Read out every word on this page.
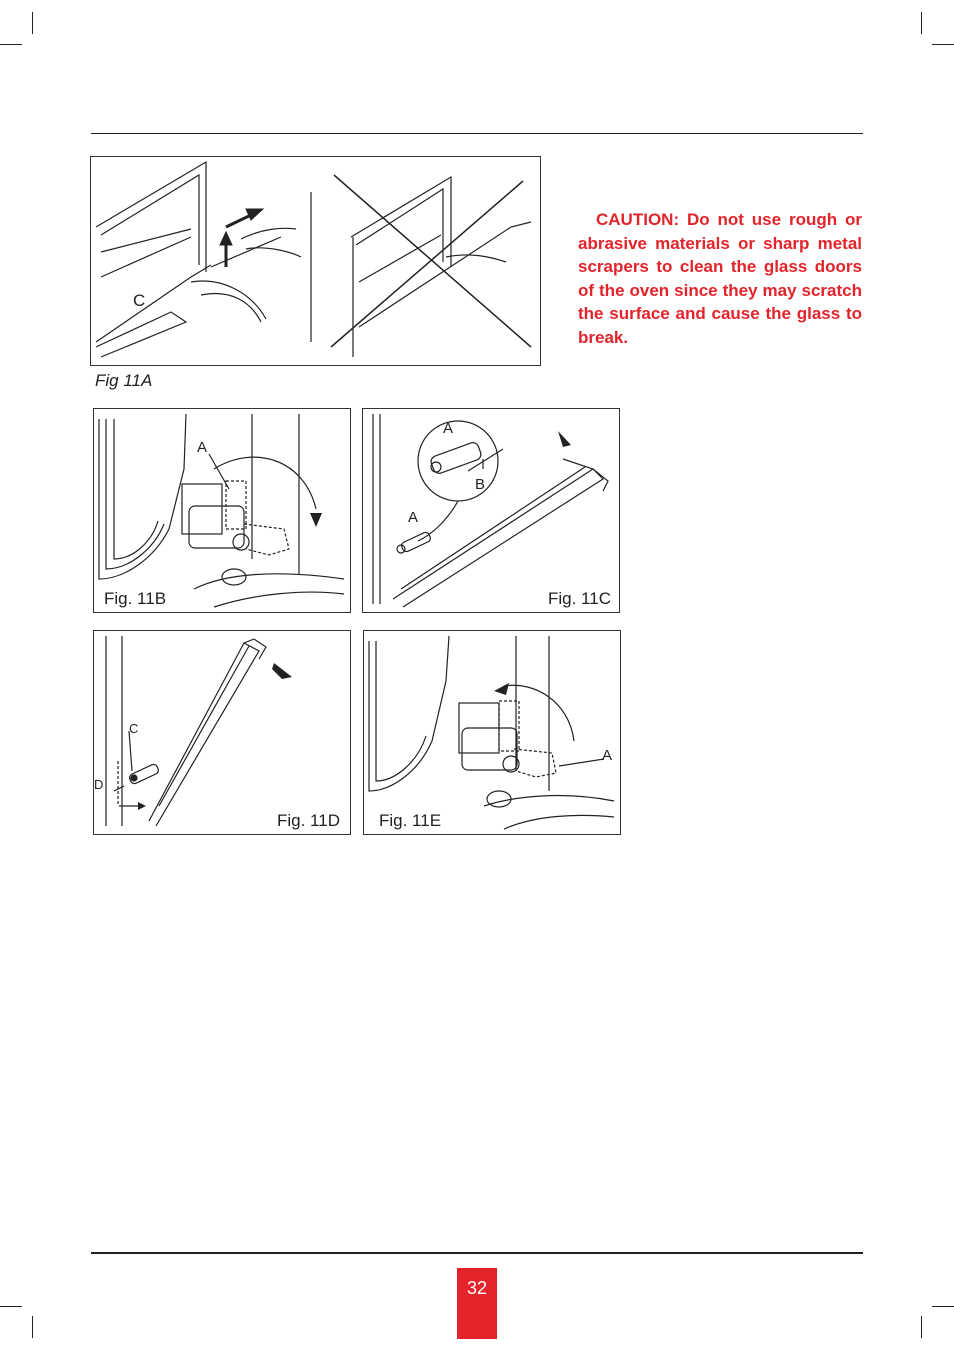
C
Fig 11A
CAUTION: Do not use rough or abrasive materials or sharp metal scrapers to clean the glass doors of the oven since they may scratch the surface and cause the glass to break.
A
Fig. 11B
A
B
A
Fig. 11C
C
D
Fig. 11D
A
Fig. 11E
32
